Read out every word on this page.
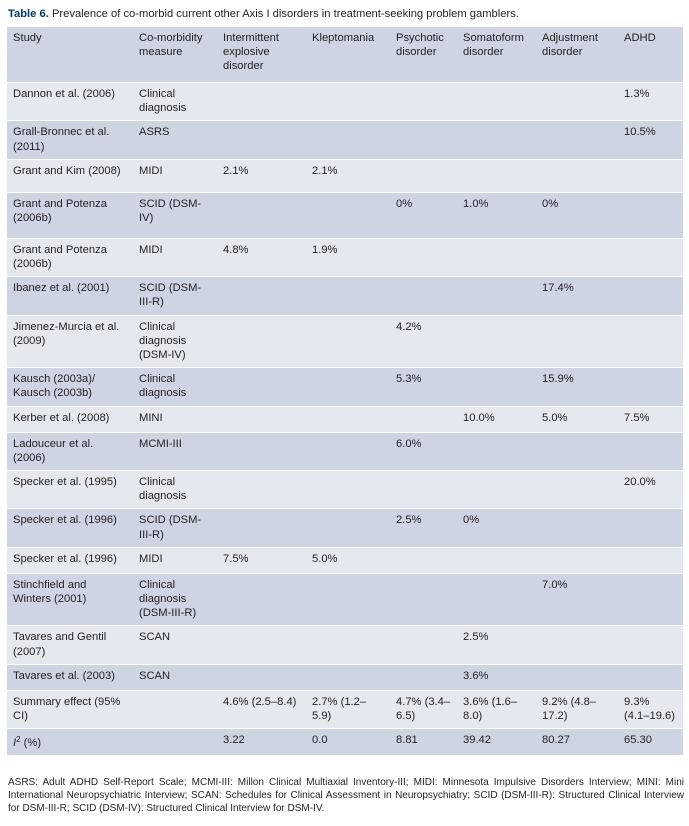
Table 6. Prevalence of co-morbid current other Axis I disorders in treatment-seeking problem gamblers.
Study	Co-morbidity measure	Intermittent explosive disorder	Kleptomania	Psychotic disorder	Somatoform disorder	Adjustment disorder	ADHD
Dannon et al. (2006)	Clinical diagnosis						1.3%
Grall-Bronnec et al. (2011)	ASRS						10.5%
Grant and Kim (2008)	MIDI	2.1%	2.1%				
Grant and Potenza (2006b)	SCID (DSM-IV)			0%	1.0%	0%	
Grant and Potenza (2006b)	MIDI	4.8%	1.9%				
Ibanez et al. (2001)	SCID (DSM-III-R)					17.4%	
Jimenez-Murcia et al. (2009)	Clinical diagnosis (DSM-IV)			4.2%			
Kausch (2003a)/ Kausch (2003b)	Clinical diagnosis			5.3%		15.9%	
Kerber et al. (2008)	MINI				10.0%	5.0%	7.5%
Ladouceur et al. (2006)	MCMI-III			6.0%			
Specker et al. (1995)	Clinical diagnosis						20.0%
Specker et al. (1996)	SCID (DSM-III-R)			2.5%	0%		
Specker et al. (1996)	MIDI	7.5%	5.0%				
Stinchfield and Winters (2001)	Clinical diagnosis (DSM-III-R)					7.0%	
Tavares and Gentil (2007)	SCAN				2.5%		
Tavares et al. (2003)	SCAN				3.6%		
Summary effect (95% CI)		4.6% (2.5–8.4)	2.7% (1.2–5.9)	4.7% (3.4–6.5)	3.6% (1.6–8.0)	9.2% (4.8–17.2)	9.3% (4.1–19.6)
$I^2$ (%)		3.22	0.0	8.81	39.42	80.27	65.30
ASRS: Adult ADHD Self-Report Scale; MCMI-III: Millon Clinical Multiaxial Inventory-III; MIDI: Minnesota Impulsive Disorders Interview; MINI: Mini International Neuropsychiatric Interview; SCAN: Schedules for Clinical Assessment in Neuropsychiatry; SCID (DSM-III-R): Structured Clinical Interview for DSM-III-R; SCID (DSM-IV): Structured Clinical Interview for DSM-IV.
